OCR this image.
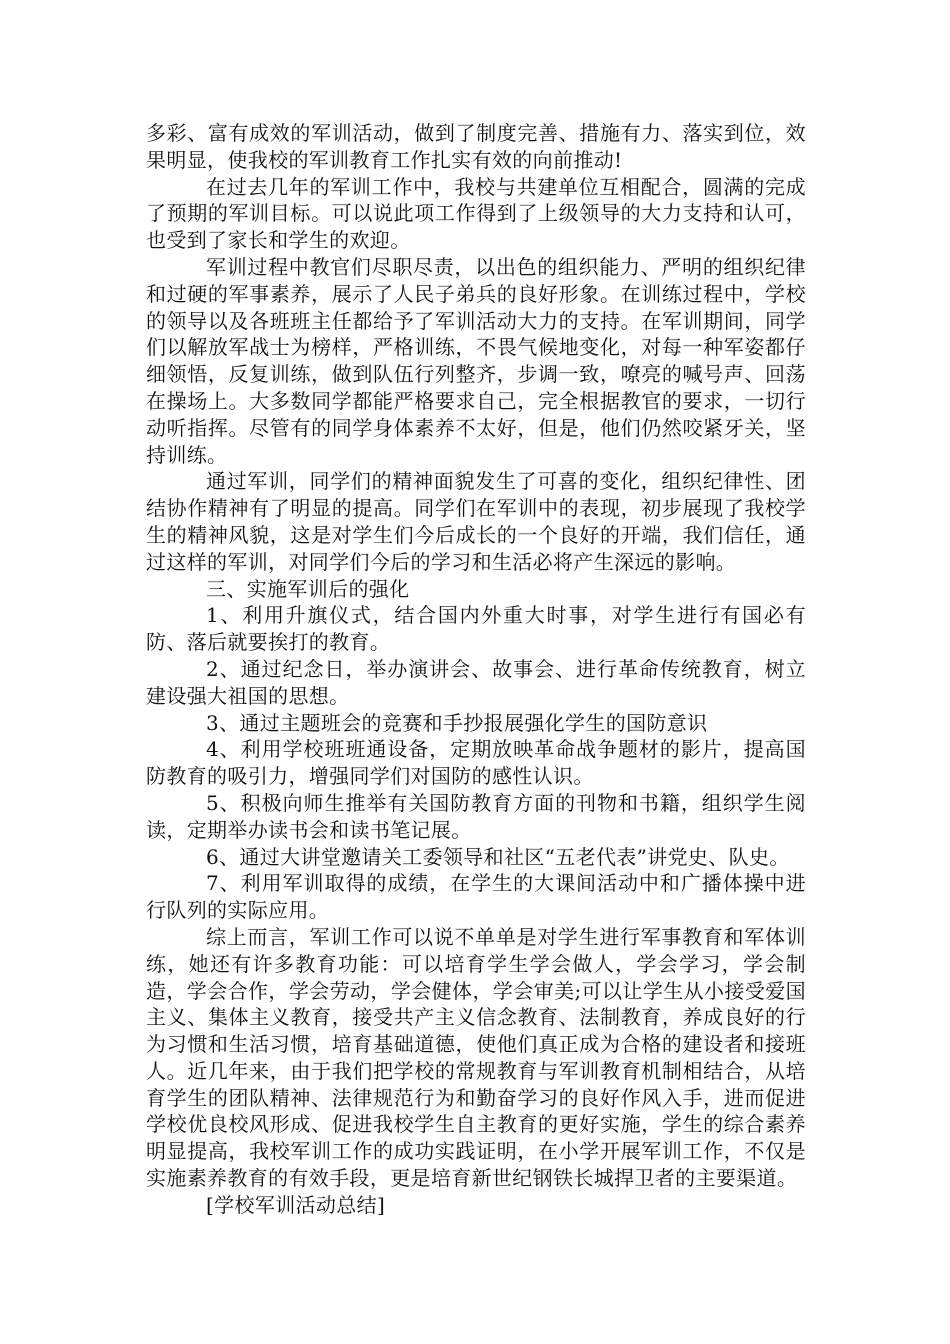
多彩、富有成效的军训活动，做到了制度完善、措施有力、落实到位，效果明显，使我校的军训教育工作扎实有效的向前推动!

在过去几年的军训工作中，我校与共建单位互相配合，圆满的完成了预期的军训目标。可以说此项工作得到了上级领导的大力支持和认可，也受到了家长和学生的欢迎。

军训过程中教官们尽职尽责，以出色的组织能力、严明的组织纪律和过硬的军事素养，展示了人民子弟兵的良好形象。在训练过程中，学校的领导以及各班班主任都给予了军训活动大力的支持。在军训期间，同学们以解放军战士为榜样，严格训练，不畏气候地变化，对每一种军姿都仔细领悟，反复训练，做到队伍行列整齐，步调一致，嘹亮的喊号声、回荡在操场上。大多数同学都能严格要求自己，完全根据教官的要求，一切行动听指挥。尽管有的同学身体素养不太好，但是，他们仍然咬紧牙关，坚持训练。

通过军训，同学们的精神面貌发生了可喜的变化，组织纪律性、团结协作精神有了明显的提高。同学们在军训中的表现，初步展现了我校学生的精神风貌，这是对学生们今后成长的一个良好的开端，我们信任，通过这样的军训，对同学们今后的学习和生活必将产生深远的影响。

三、实施军训后的强化

1、利用升旗仪式，结合国内外重大时事，对学生进行有国必有防、落后就要挨打的教育。

2、通过纪念日，举办演讲会、故事会、进行革命传统教育，树立建设强大祖国的思想。

3、通过主题班会的竞赛和手抄报展强化学生的国防意识

4、利用学校班班通设备，定期放映革命战争题材的影片，提高国防教育的吸引力，增强同学们对国防的感性认识。

5、积极向师生推举有关国防教育方面的刊物和书籍，组织学生阅读，定期举办读书会和读书笔记展。

6、通过大讲堂邀请关工委领导和社区“五老代表”讲党史、队史。

7、利用军训取得的成绩，在学生的大课间活动中和广播体操中进行队列的实际应用。

综上而言，军训工作可以说不单单是对学生进行军事教育和军体训练，她还有许多教育功能：可以培育学生学会做人，学会学习，学会制造，学会合作，学会劳动，学会健体，学会审美;可以让学生从小接受爱国主义、集体主义教育，接受共产主义信念教育、法制教育，养成良好的行为习惯和生活习惯，培育基础道德，使他们真正成为合格的建设者和接班人。近几年来，由于我们把学校的常规教育与军训教育机制相结合，从培育学生的团队精神、法律规范行为和勤奋学习的良好作风入手，进而促进学校优良校风形成、促进我校学生自主教育的更好实施，学生的综合素养明显提高，我校军训工作的成功实践证明，在小学开展军训工作，不仅是实施素养教育的有效手段，更是培育新世纪钢铁长城捍卫者的主要渠道。

[学校军训活动总结]
